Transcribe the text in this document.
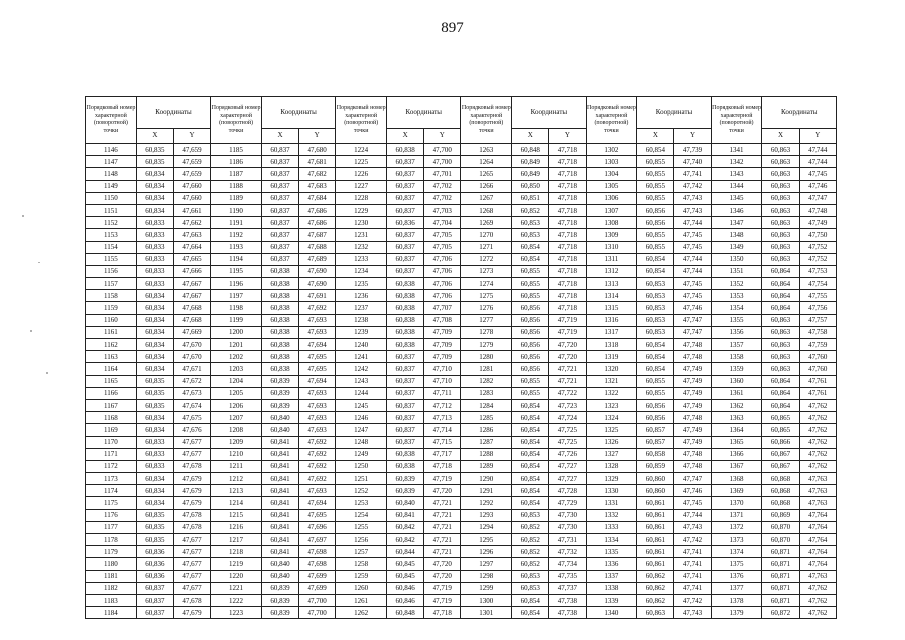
897
Порядковый номер характерной (поворотной) точки	Координаты		Порядковый номер характерной (поворотной) точки	Координаты		Порядковый номер характерной (поворотной) точки	Координаты		Порядковый номер характерной (поворотной) точки	Координаты		Порядковый номер характерной (поворотной) точки	Координаты		Порядковый номер характерной (поворотной) точки	Координаты	
	X	Y		X	Y		X	Y		X	Y		X	Y		X	Y
1146	60,835	47,659	1185	60,837	47,680	1224	60,838	47,700	1263	60,848	47,718	1302	60,854	47,739	1341	60,863	47,744
1147	60,835	47,659	1186	60,837	47,681	1225	60,837	47,700	1264	60,849	47,718	1303	60,855	47,740	1342	60,863	47,744
1148	60,834	47,659	1187	60,837	47,682	1226	60,837	47,701	1265	60,849	47,718	1304	60,855	47,741	1343	60,863	47,745
1149	60,834	47,660	1188	60,837	47,683	1227	60,837	47,702	1266	60,850	47,718	1305	60,855	47,742	1344	60,863	47,746
1150	60,834	47,660	1189	60,837	47,684	1228	60,837	47,702	1267	60,851	47,718	1306	60,855	47,743	1345	60,863	47,747
1151	60,834	47,661	1190	60,837	47,686	1229	60,837	47,703	1268	60,852	47,718	1307	60,856	47,743	1346	60,863	47,748
1152	60,833	47,662	1191	60,837	47,686	1230	60,836	47,704	1269	60,853	47,718	1308	60,856	47,744	1347	60,863	47,749
1153	60,833	47,663	1192	60,837	47,687	1231	60,837	47,705	1270	60,853	47,718	1309	60,855	47,745	1348	60,863	47,750
1154	60,833	47,664	1193	60,837	47,688	1232	60,837	47,705	1271	60,854	47,718	1310	60,855	47,745	1349	60,863	47,752
1155	60,833	47,665	1194	60,837	47,689	1233	60,837	47,706	1272	60,854	47,718	1311	60,854	47,744	1350	60,863	47,752
1156	60,833	47,666	1195	60,838	47,690	1234	60,837	47,706	1273	60,855	47,718	1312	60,854	47,744	1351	60,864	47,753
1157	60,833	47,667	1196	60,838	47,690	1235	60,838	47,706	1274	60,855	47,718	1313	60,853	47,745	1352	60,864	47,754
1158	60,834	47,667	1197	60,838	47,691	1236	60,838	47,706	1275	60,855	47,718	1314	60,853	47,745	1353	60,864	47,755
1159	60,834	47,668	1198	60,838	47,692	1237	60,838	47,707	1276	60,856	47,718	1315	60,853	47,746	1354	60,864	47,756
1160	60,834	47,668	1199	60,838	47,693	1238	60,838	47,708	1277	60,856	47,719	1316	60,853	47,747	1355	60,863	47,757
1161	60,834	47,669	1200	60,838	47,693	1239	60,838	47,709	1278	60,856	47,719	1317	60,853	47,747	1356	60,863	47,758
1162	60,834	47,670	1201	60,838	47,694	1240	60,838	47,709	1279	60,856	47,720	1318	60,854	47,748	1357	60,863	47,759
1163	60,834	47,670	1202	60,838	47,695	1241	60,837	47,709	1280	60,856	47,720	1319	60,854	47,748	1358	60,863	47,760
1164	60,834	47,671	1203	60,838	47,695	1242	60,837	47,710	1281	60,856	47,721	1320	60,854	47,749	1359	60,863	47,760
1165	60,835	47,672	1204	60,839	47,694	1243	60,837	47,710	1282	60,855	47,721	1321	60,855	47,749	1360	60,864	47,761
1166	60,835	47,673	1205	60,839	47,693	1244	60,837	47,711	1283	60,855	47,722	1322	60,855	47,749	1361	60,864	47,761
1167	60,835	47,674	1206	60,839	47,693	1245	60,837	47,712	1284	60,854	47,723	1323	60,856	47,749	1362	60,864	47,762
1168	60,834	47,675	1207	60,840	47,693	1246	60,837	47,713	1285	60,854	47,724	1324	60,856	47,748	1363	60,865	47,762
1169	60,834	47,676	1208	60,840	47,693	1247	60,837	47,714	1286	60,854	47,725	1325	60,857	47,749	1364	60,865	47,762
1170	60,833	47,677	1209	60,841	47,692	1248	60,837	47,715	1287	60,854	47,725	1326	60,857	47,749	1365	60,866	47,762
1171	60,833	47,677	1210	60,841	47,692	1249	60,838	47,717	1288	60,854	47,726	1327	60,858	47,748	1366	60,867	47,762
1172	60,833	47,678	1211	60,841	47,692	1250	60,838	47,718	1289	60,854	47,727	1328	60,859	47,748	1367	60,867	47,762
1173	60,834	47,679	1212	60,841	47,692	1251	60,839	47,719	1290	60,854	47,727	1329	60,860	47,747	1368	60,868	47,763
1174	60,834	47,679	1213	60,841	47,693	1252	60,839	47,720	1291	60,854	47,728	1330	60,860	47,746	1369	60,868	47,763
1175	60,834	47,679	1214	60,841	47,694	1253	60,840	47,721	1292	60,854	47,729	1331	60,861	47,745	1370	60,868	47,763
1176	60,835	47,678	1215	60,841	47,695	1254	60,841	47,721	1293	60,853	47,730	1332	60,861	47,744	1371	60,869	47,764
1177	60,835	47,678	1216	60,841	47,696	1255	60,842	47,721	1294	60,852	47,730	1333	60,861	47,743	1372	60,870	47,764
1178	60,835	47,677	1217	60,841	47,697	1256	60,842	47,721	1295	60,852	47,731	1334	60,861	47,742	1373	60,870	47,764
1179	60,836	47,677	1218	60,841	47,698	1257	60,844	47,721	1296	60,852	47,732	1335	60,861	47,741	1374	60,871	47,764
1180	60,836	47,677	1219	60,840	47,698	1258	60,845	47,720	1297	60,852	47,734	1336	60,861	47,741	1375	60,871	47,764
1181	60,836	47,677	1220	60,840	47,699	1259	60,845	47,720	1298	60,853	47,735	1337	60,862	47,741	1376	60,871	47,763
1182	60,837	47,677	1221	60,839	47,699	1260	60,846	47,719	1299	60,853	47,737	1338	60,862	47,741	1377	60,871	47,762
1183	60,837	47,678	1222	60,839	47,700	1261	60,846	47,719	1300	60,854	47,738	1339	60,862	47,742	1378	60,871	47,762
1184	60,837	47,679	1223	60,839	47,700	1262	60,848	47,718	1301	60,854	47,738	1340	60,863	47,743	1379	60,872	47,762
